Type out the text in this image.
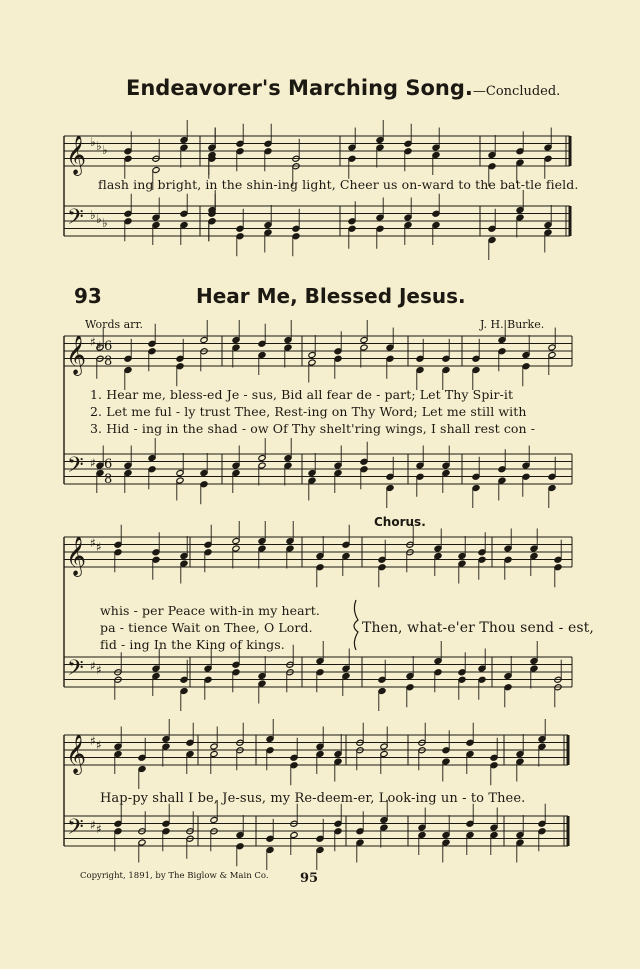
Endeavorer's Marching Song.—Concluded.
flash ing bright, in the shin-ing light, Cheer us on-ward to the bat-tle field.
93	Hear Me, Blessed Jesus.
Words arr.	J. H. Burke.
1. Hear me, bless-ed Je - sus, Bid all fear de - part; Let Thy Spir-it
2. Let me ful - ly trust Thee, Rest-ing on Thy Word; Let me still with
3. Hid - ing in the shad - ow Of Thy shelt'ring wings, I shall rest con -
Chorus.
whis - per Peace with-in my heart.
pa - tience Wait on Thee, O Lord.
fid - ing In the King of kings.
Then, what-e'er Thou send - est,
Hap-py shall I be, Je-sus, my Re-deem-er, Look-ing un - to Thee.
Copyright, 1891, by The Biglow & Main Co. 95
𝄞
𝄢
♭
♭
♭
♭
♭
♭
𝄞
𝄢
♯
♯
♯
♯
6
8
6
8
𝄞
𝄢
♯
♯
♯
♯
𝄞
𝄢
♯
♯
♯
♯
